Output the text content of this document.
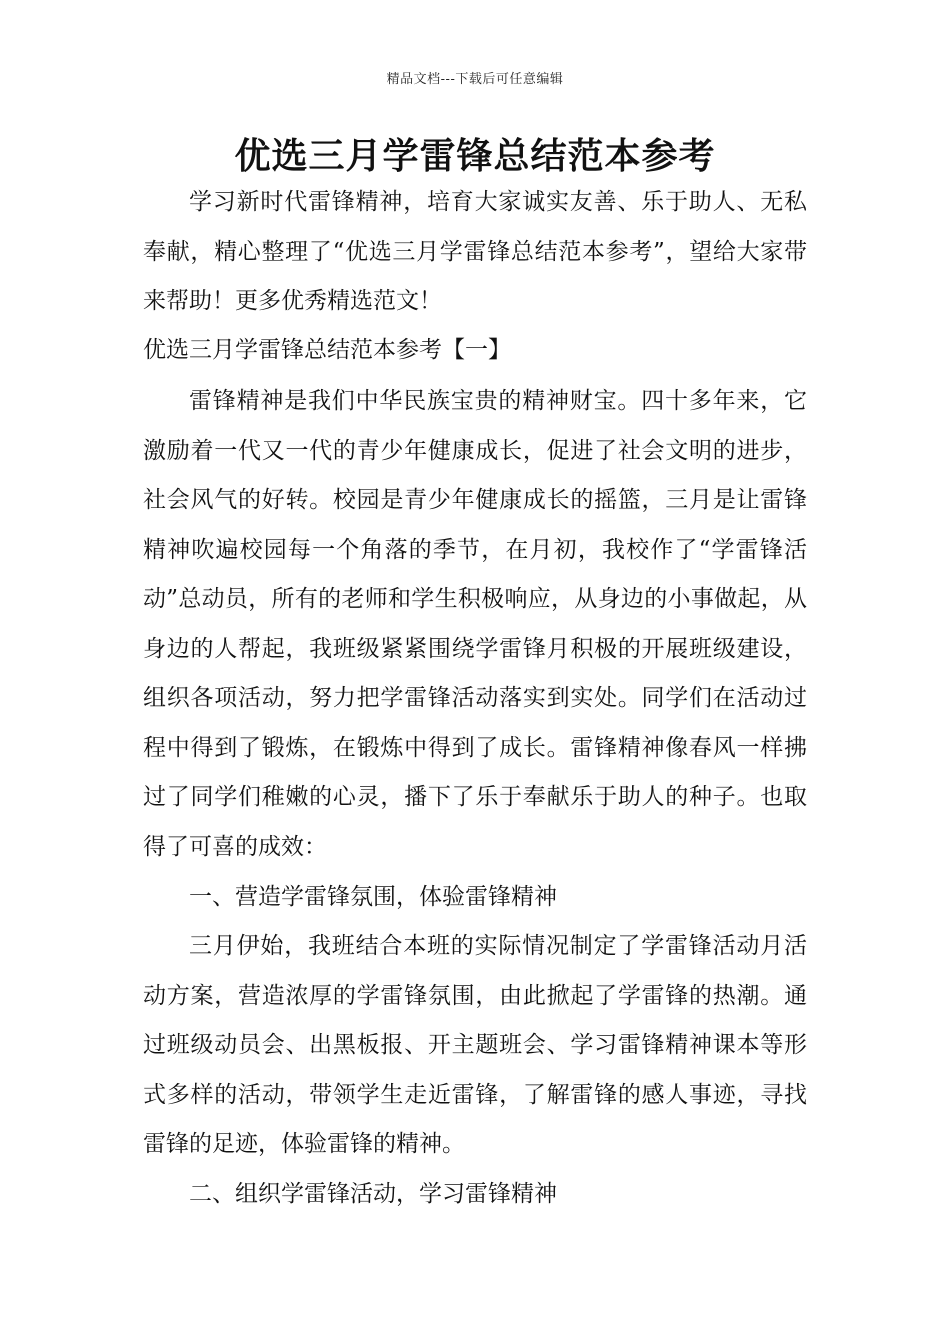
精品文档---下载后可任意编辑
优选三月学雷锋总结范本参考

学习新时代雷锋精神，培育大家诚实友善、乐于助人、无私奉献，精心整理了“优选三月学雷锋总结范本参考”，望给大家带来帮助！更多优秀精选范文！

优选三月学雷锋总结范本参考【一】

雷锋精神是我们中华民族宝贵的精神财宝。四十多年来，它激励着一代又一代的青少年健康成长，促进了社会文明的进步，社会风气的好转。校园是青少年健康成长的摇篮，三月是让雷锋精神吹遍校园每一个角落的季节，在月初，我校作了“学雷锋活动”总动员，所有的老师和学生积极响应，从身边的小事做起，从身边的人帮起，我班级紧紧围绕学雷锋月积极的开展班级建设，组织各项活动，努力把学雷锋活动落实到实处。同学们在活动过程中得到了锻炼，在锻炼中得到了成长。雷锋精神像春风一样拂过了同学们稚嫩的心灵，播下了乐于奉献乐于助人的种子。也取得了可喜的成效：

一、营造学雷锋氛围，体验雷锋精神

三月伊始，我班结合本班的实际情况制定了学雷锋活动月活动方案，营造浓厚的学雷锋氛围，由此掀起了学雷锋的热潮。通过班级动员会、出黑板报、开主题班会、学习雷锋精神课本等形式多样的活动，带领学生走近雷锋，了解雷锋的感人事迹，寻找雷锋的足迹，体验雷锋的精神。

二、组织学雷锋活动，学习雷锋精神
